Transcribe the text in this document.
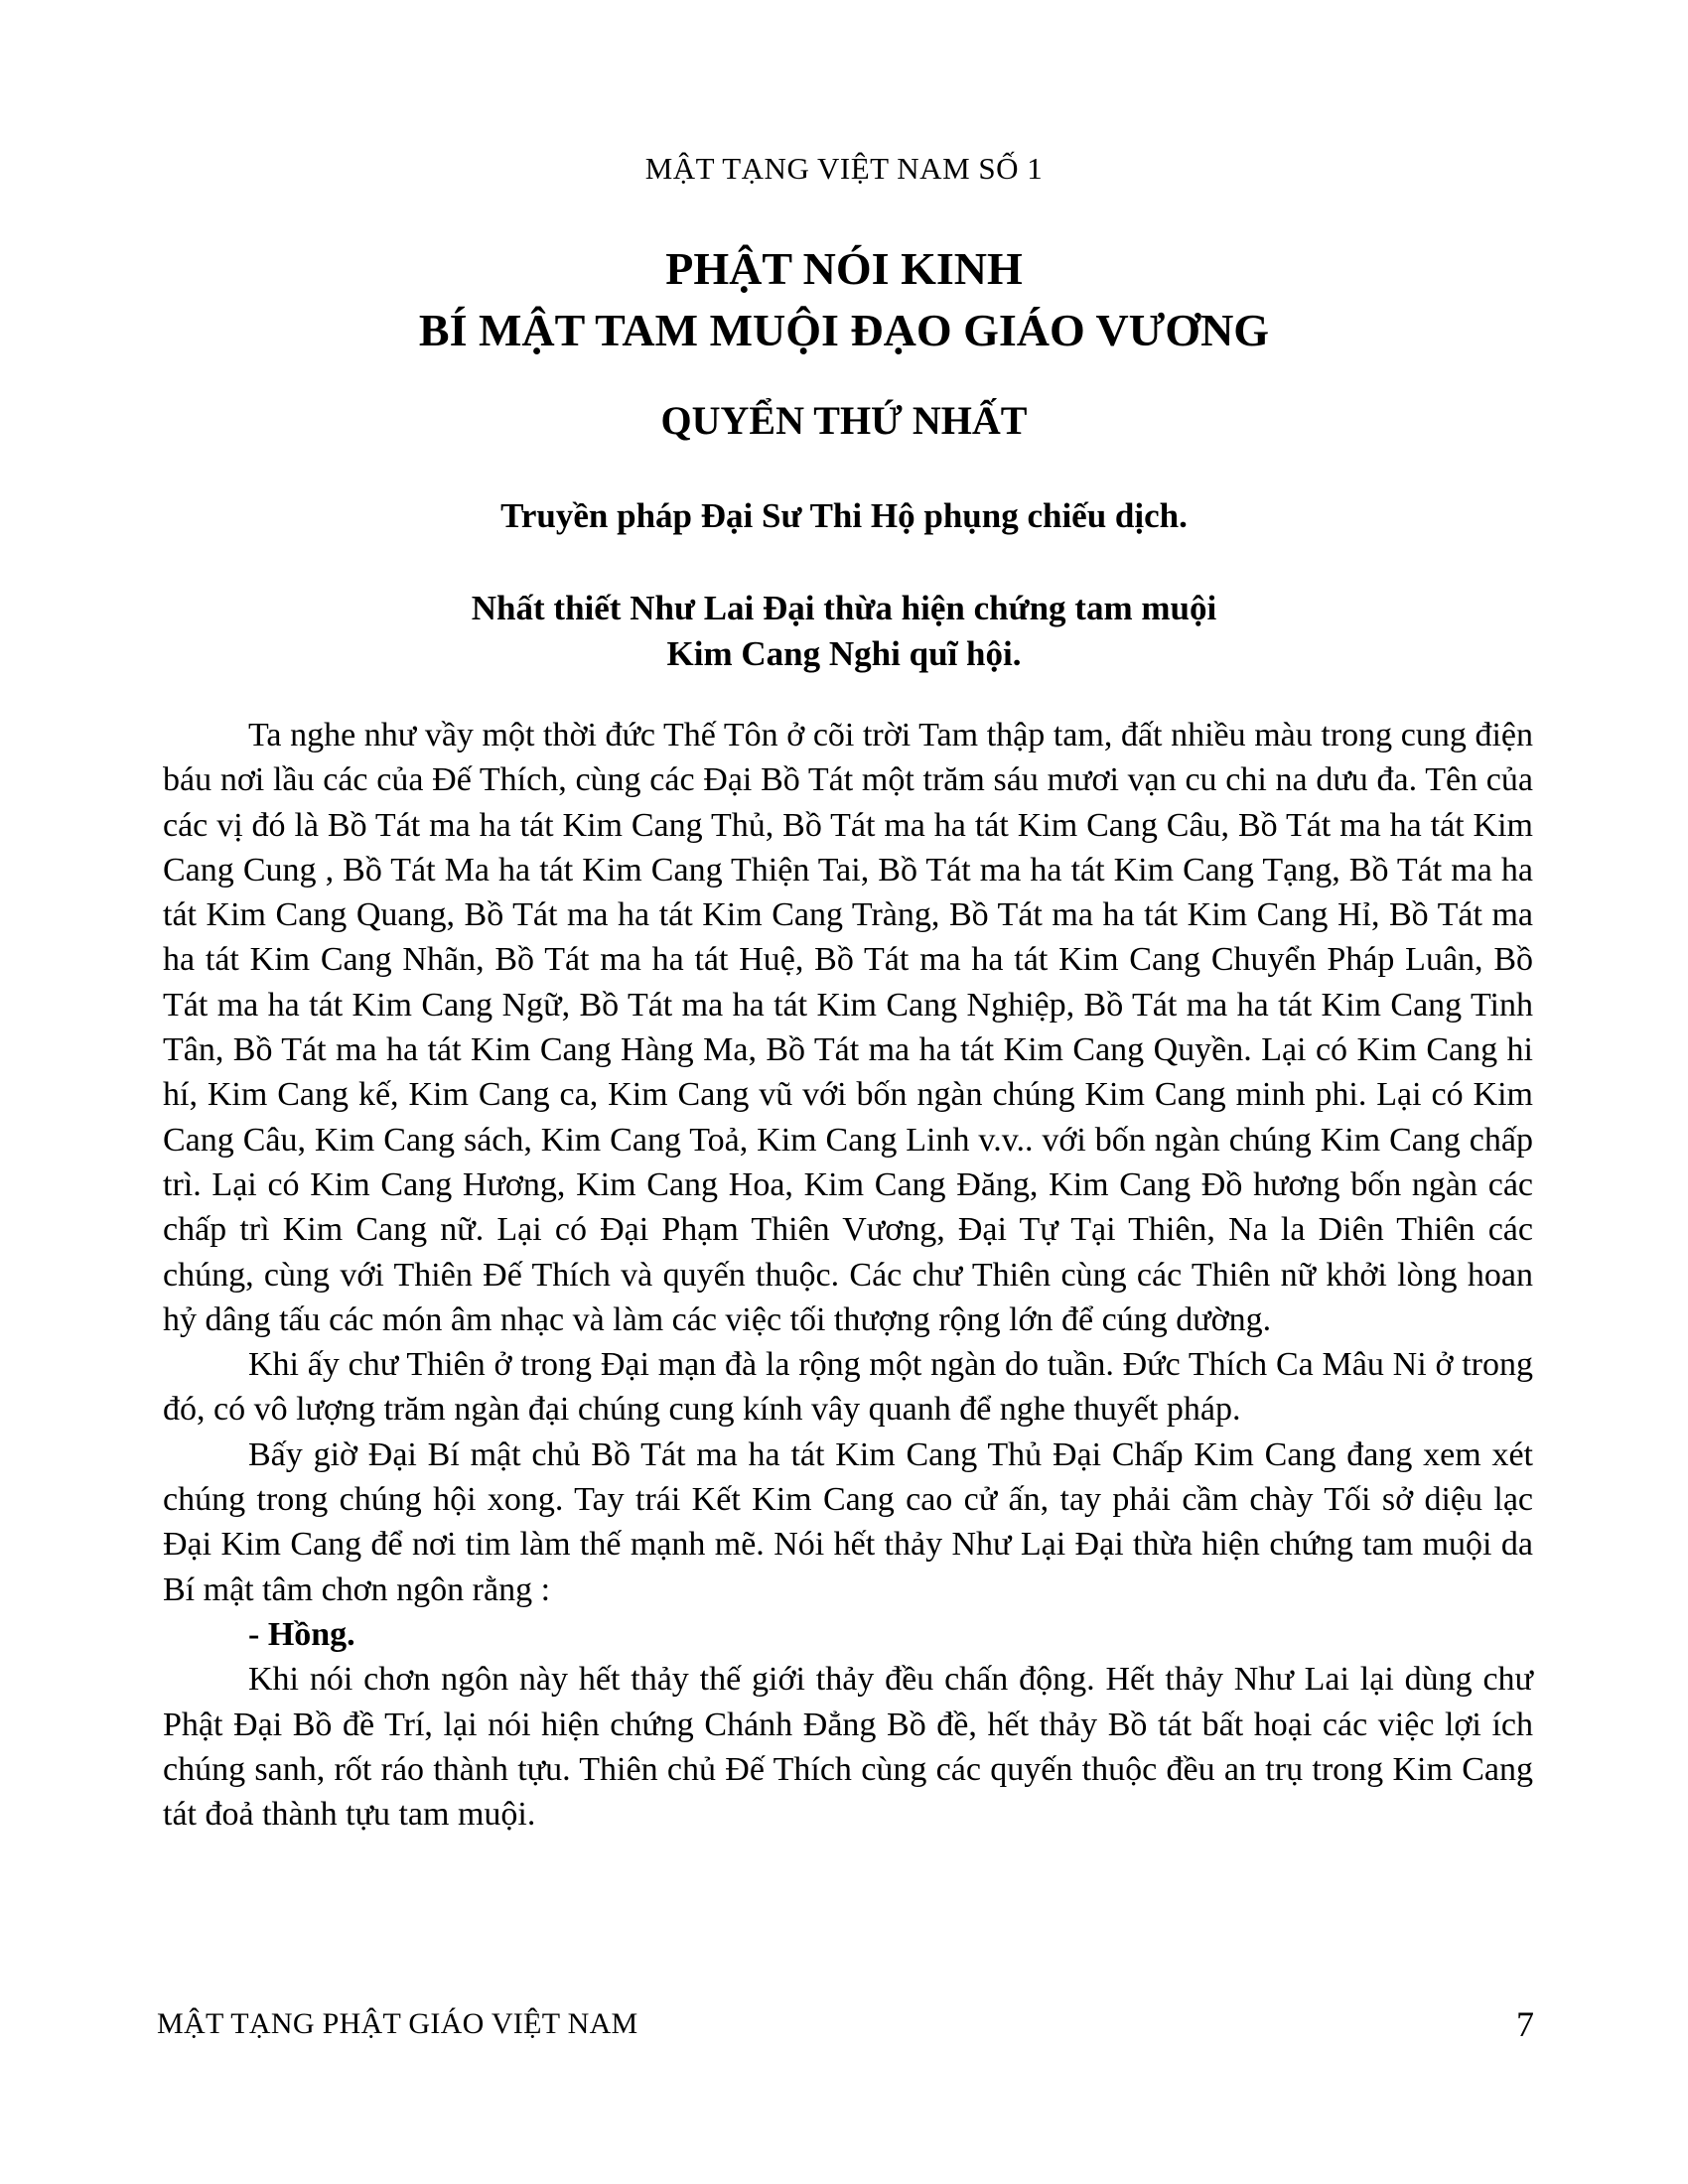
MẬT TẠNG VIỆT NAM SỐ 1
PHẬT NÓI KINH
BÍ MẬT TAM MUỘI ĐẠO GIÁO VƯƠNG
QUYỂN THỨ NHẤT
Truyền pháp Đại Sư Thi Hộ phụng chiếu dịch.
Nhất thiết Như Lai Đại thừa hiện chứng tam muội
Kim Cang Nghi quĩ hội.

Ta nghe như vầy một thời đức Thế Tôn ở cõi trời Tam thập tam, đất nhiều màu trong cung điện báu nơi lầu các của Đế Thích, cùng các Đại Bồ Tát một trăm sáu mươi vạn cu chi na dưu đa. Tên của các vị đó là Bồ Tát ma ha tát Kim Cang Thủ, Bồ Tát ma ha tát Kim Cang Câu, Bồ Tát ma ha tát Kim Cang Cung , Bồ Tát Ma ha tát Kim Cang Thiện Tai, Bồ Tát ma ha tát Kim Cang Tạng, Bồ Tát ma ha tát Kim Cang Quang, Bồ Tát ma ha tát Kim Cang Tràng, Bồ Tát ma ha tát Kim Cang Hỉ, Bồ Tát ma ha tát Kim Cang Nhãn, Bồ Tát ma ha tát Huệ, Bồ Tát ma ha tát Kim Cang Chuyển Pháp Luân, Bồ Tát ma ha tát Kim Cang Ngữ, Bồ Tát ma ha tát Kim Cang Nghiệp, Bồ Tát ma ha tát Kim Cang Tinh Tân, Bồ Tát ma ha tát Kim Cang Hàng Ma, Bồ Tát ma ha tát Kim Cang Quyền. Lại có Kim Cang hi hí, Kim Cang kế, Kim Cang ca, Kim Cang vũ với bốn ngàn chúng Kim Cang minh phi. Lại có Kim Cang Câu, Kim Cang sách, Kim Cang Toả, Kim Cang Linh v.v.. với bốn ngàn chúng Kim Cang chấp trì. Lại có Kim Cang Hương, Kim Cang Hoa, Kim Cang Đăng, Kim Cang Đồ hương bốn ngàn các chấp trì Kim Cang nữ. Lại có Đại Phạm Thiên Vương, Đại Tự Tại Thiên, Na la Diên Thiên các chúng, cùng với Thiên Đế Thích và quyến thuộc. Các chư Thiên cùng các Thiên nữ khởi lòng hoan hỷ dâng tấu các món âm nhạc và làm các việc tối thượng rộng lớn để cúng dường.

Khi ấy chư Thiên ở trong Đại mạn đà la rộng một ngàn do tuần. Đức Thích Ca Mâu Ni ở trong đó, có vô lượng trăm ngàn đại chúng cung kính vây quanh để nghe thuyết pháp.

Bấy giờ Đại Bí mật chủ Bồ Tát ma ha tát Kim Cang Thủ Đại Chấp Kim Cang đang xem xét chúng trong chúng hội xong. Tay trái Kết Kim Cang cao cử ấn, tay phải cầm chày Tối sở diệu lạc Đại Kim Cang để nơi tim làm thế mạnh mẽ. Nói hết thảy Như Lại Đại thừa hiện chứng tam muội da Bí mật tâm chơn ngôn rằng :

- Hồng.

Khi nói chơn ngôn này hết thảy thế giới thảy đều chấn động. Hết thảy Như Lai lại dùng chư Phật Đại Bồ đề Trí, lại nói hiện chứng Chánh Đẳng Bồ đề, hết thảy Bồ tát bất hoại các việc lợi ích chúng sanh, rốt ráo thành tựu. Thiên chủ Đế Thích cùng các quyến thuộc đều an trụ trong Kim Cang tát đoả thành tựu tam muội.

MẬT TẠNG PHẬT GIÁO VIỆT NAM	7
